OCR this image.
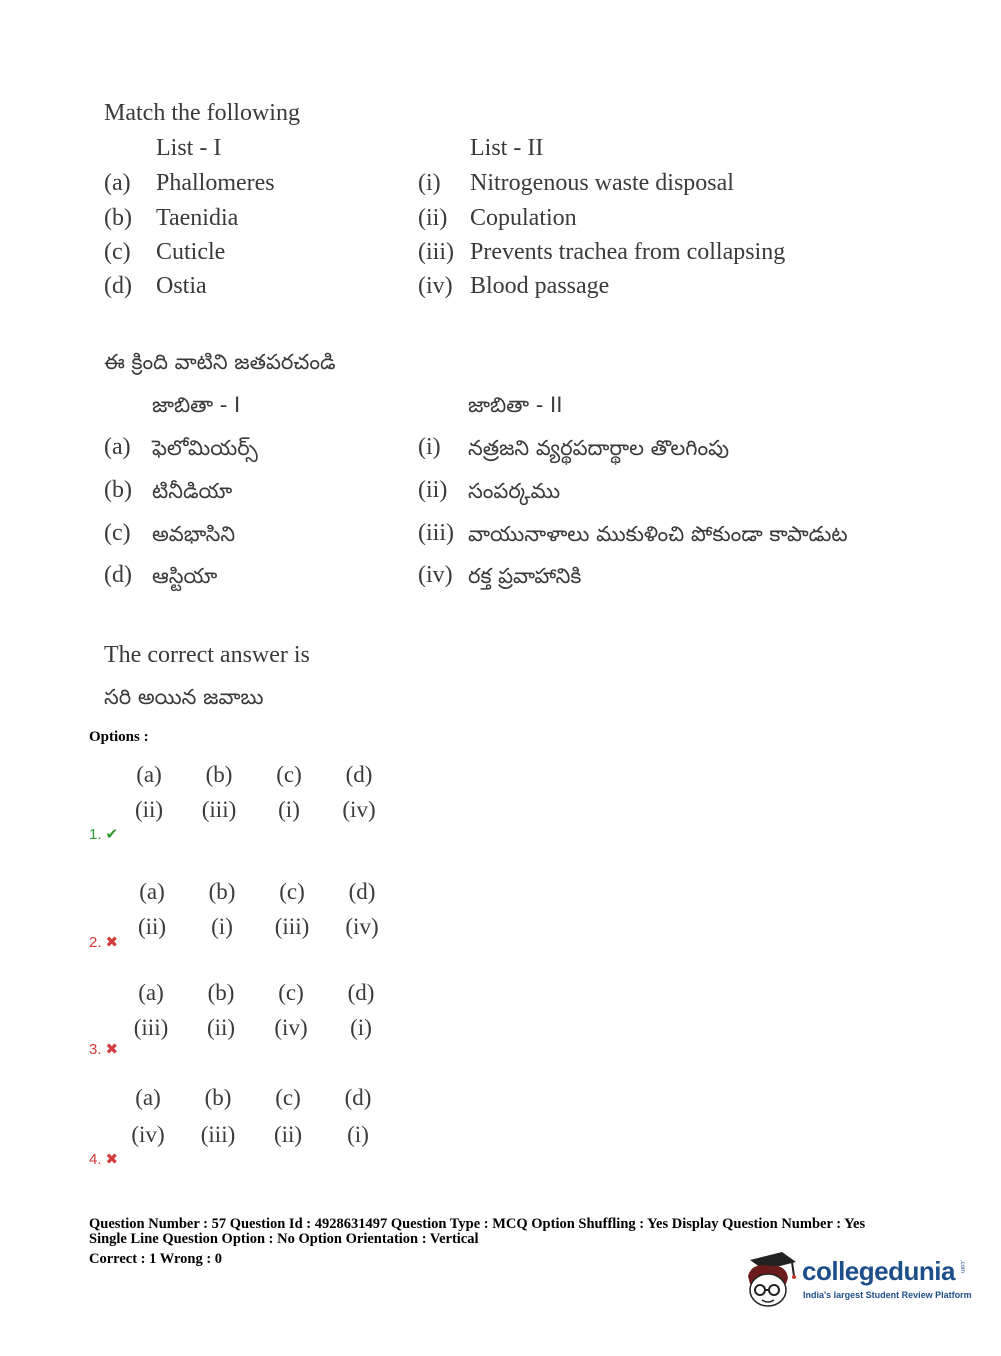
Match the following
List - I	List - II
(a) Phallomeres	(i) Nitrogenous waste disposal
(b) Taenidia	(ii) Copulation
(c) Cuticle	(iii) Prevents trachea from collapsing
(d) Ostia	(iv) Blood passage
ఈ క్రింది వాటిని జతపరచండి
జాబితా - I	జాబితా - II
(a) ఫెలోమియర్స్	(i) నత్రజని వ్యర్థపదార్థాల తొలగింపు
(b) టినీడియా	(ii) సంపర్కము
(c) అవభాసిని	(iii) వాయునాళాలు ముకుళించి పోకుండా కాపాడుట
(d) ఆస్టియా	(iv) రక్త ప్రవాహానికి
The correct answer is
సరి అయిన జవాబు
Options :
(a) (b) (c) (d)
(ii) (iii) (i) (iv)
1. ✔
(a) (b) (c) (d)
(ii) (i) (iii) (iv)
2. ✖
(a) (b) (c) (d)
(iii) (ii) (iv) (i)
3. ✖
(a) (b) (c) (d)
(iv) (iii) (ii) (i)
4. ✖
Question Number : 57 Question Id : 4928631497 Question Type : MCQ Option Shuffling : Yes Display Question Number : Yes
Single Line Question Option : No Option Orientation : Vertical
Correct : 1 Wrong : 0	collegedunia .com
India's largest Student Review Platform
